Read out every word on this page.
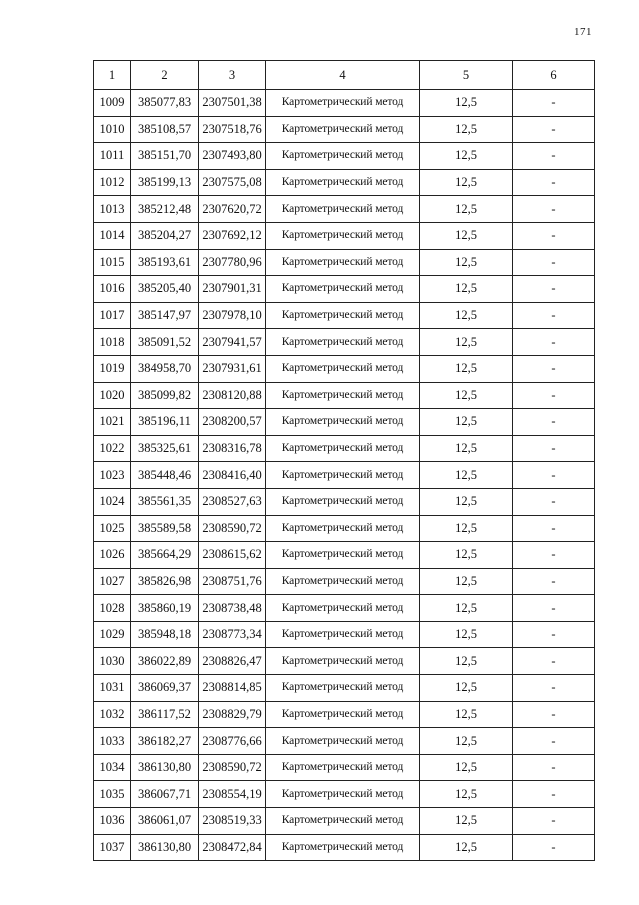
171
1	2	3	4	5	6
1009	385077,83	2307501,38	Картометрический метод	12,5	-
1010	385108,57	2307518,76	Картометрический метод	12,5	-
1011	385151,70	2307493,80	Картометрический метод	12,5	-
1012	385199,13	2307575,08	Картометрический метод	12,5	-
1013	385212,48	2307620,72	Картометрический метод	12,5	-
1014	385204,27	2307692,12	Картометрический метод	12,5	-
1015	385193,61	2307780,96	Картометрический метод	12,5	-
1016	385205,40	2307901,31	Картометрический метод	12,5	-
1017	385147,97	2307978,10	Картометрический метод	12,5	-
1018	385091,52	2307941,57	Картометрический метод	12,5	-
1019	384958,70	2307931,61	Картометрический метод	12,5	-
1020	385099,82	2308120,88	Картометрический метод	12,5	-
1021	385196,11	2308200,57	Картометрический метод	12,5	-
1022	385325,61	2308316,78	Картометрический метод	12,5	-
1023	385448,46	2308416,40	Картометрический метод	12,5	-
1024	385561,35	2308527,63	Картометрический метод	12,5	-
1025	385589,58	2308590,72	Картометрический метод	12,5	-
1026	385664,29	2308615,62	Картометрический метод	12,5	-
1027	385826,98	2308751,76	Картометрический метод	12,5	-
1028	385860,19	2308738,48	Картометрический метод	12,5	-
1029	385948,18	2308773,34	Картометрический метод	12,5	-
1030	386022,89	2308826,47	Картометрический метод	12,5	-
1031	386069,37	2308814,85	Картометрический метод	12,5	-
1032	386117,52	2308829,79	Картометрический метод	12,5	-
1033	386182,27	2308776,66	Картометрический метод	12,5	-
1034	386130,80	2308590,72	Картометрический метод	12,5	-
1035	386067,71	2308554,19	Картометрический метод	12,5	-
1036	386061,07	2308519,33	Картометрический метод	12,5	-
1037	386130,80	2308472,84	Картометрический метод	12,5	-
